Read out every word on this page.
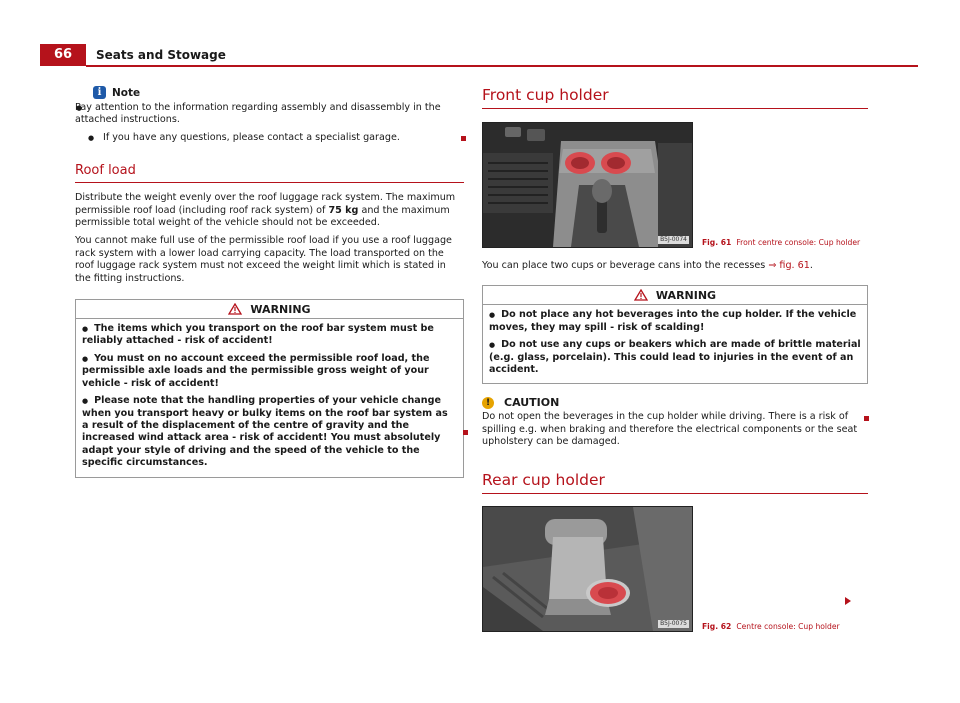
66	Seats and Stowage
i	Note
● Pay attention to the information regarding assembly and disassembly in the attached instructions.
● If you have any questions, please contact a specialist garage.
Roof load

Distribute the weight evenly over the roof luggage rack system. The maximum permissible roof load (including roof rack system) of 75 kg and the maximum permissible total weight of the vehicle should not be exceeded.

You cannot make full use of the permissible roof load if you use a roof luggage rack system with a lower load carrying capacity. The load transported on the roof luggage rack system must not exceed the weight limit which is stated in the fitting instructions.

WARNING
● The items which you transport on the roof bar system must be reliably attached - risk of accident!
● You must on no account exceed the permissible roof load, the permissible axle loads and the permissible gross weight of your vehicle - risk of accident!
● Please note that the handling properties of your vehicle change when you transport heavy or bulky items on the roof bar system as a result of the displacement of the centre of gravity and the increased wind attack area - risk of accident! You must absolutely adapt your style of driving and the speed of the vehicle to the specific circumstances.
Front cup holder
B5J-0074 Fig. 61 Front centre console: Cup holder

You can place two cups or beverage cans into the recesses ⇒ fig. 61.

WARNING
● Do not place any hot beverages into the cup holder. If the vehicle moves, they may spill - risk of scalding!
● Do not use any cups or beakers which are made of brittle material (e.g. glass, porcelain). This could lead to injuries in the event of an accident.
!	CAUTION

Do not open the beverages in the cup holder while driving. There is a risk of spilling e.g. when braking and therefore the electrical components or the seat upholstery can be damaged.

Rear cup holder
B5J-0075 Fig. 62 Centre console: Cup holder
